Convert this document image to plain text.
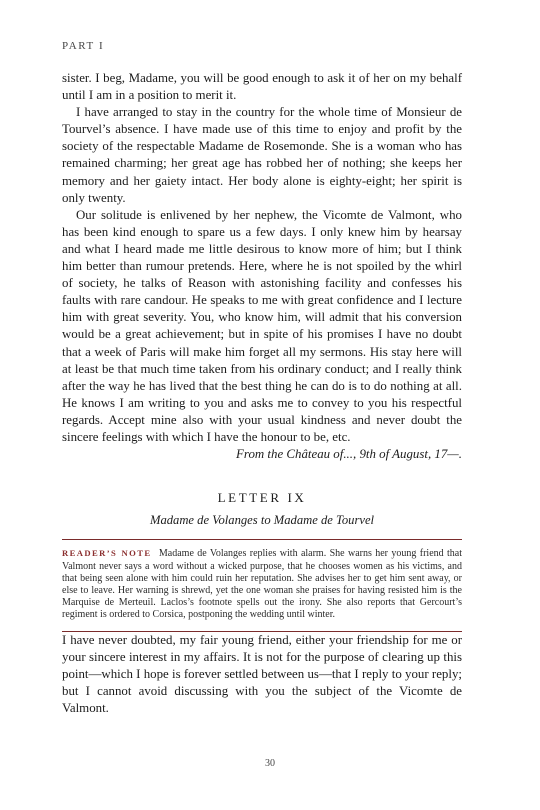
PART I

sister. I beg, Madame, you will be good enough to ask it of her on my behalf until I am in a position to merit it.

I have arranged to stay in the country for the whole time of Monsieur de Tourvel’s absence. I have made use of this time to enjoy and profit by the society of the respectable Madame de Rosemonde. She is a woman who has remained charming; her great age has robbed her of nothing; she keeps her memory and her gaiety intact. Her body alone is eighty-eight; her spirit is only twenty.

Our solitude is enlivened by her nephew, the Vicomte de Valmont, who has been kind enough to spare us a few days. I only knew him by hearsay and what I heard made me little desirous to know more of him; but I think him better than rumour pretends. Here, where he is not spoiled by the whirl of society, he talks of Reason with astonishing facility and confesses his faults with rare candour. He speaks to me with great confidence and I lecture him with great severity. You, who know him, will admit that his conversion would be a great achievement; but in spite of his promises I have no doubt that a week of Paris will make him forget all my sermons. His stay here will at least be that much time taken from his ordinary conduct; and I really think after the way he has lived that the best thing he can do is to do nothing at all. He knows I am writing to you and asks me to convey to you his respectful regards. Accept mine also with your usual kindness and never doubt the sincere feelings with which I have the honour to be, etc.

From the Château of..., 9th of August, 17—.

LETTER IX
Madame de Volanges to Madame de Tourvel
READER’S NOTE Madame de Volanges replies with alarm. She warns her young friend that Valmont never says a word without a wicked purpose, that he chooses women as his victims, and that being seen alone with him could ruin her reputation. She advises her to get him sent away, or else to leave. Her warning is shrewd, yet the one woman she praises for having resisted him is the Marquise de Merteuil. Laclos’s footnote spells out the irony. She also reports that Gercourt’s regiment is ordered to Corsica, postponing the wedding until winter.

I have never doubted, my fair young friend, either your friendship for me or your sincere interest in my affairs. It is not for the purpose of clearing up this point—which I hope is forever settled between us—that I reply to your reply; but I cannot avoid discussing with you the subject of the Vicomte de Valmont.

30
